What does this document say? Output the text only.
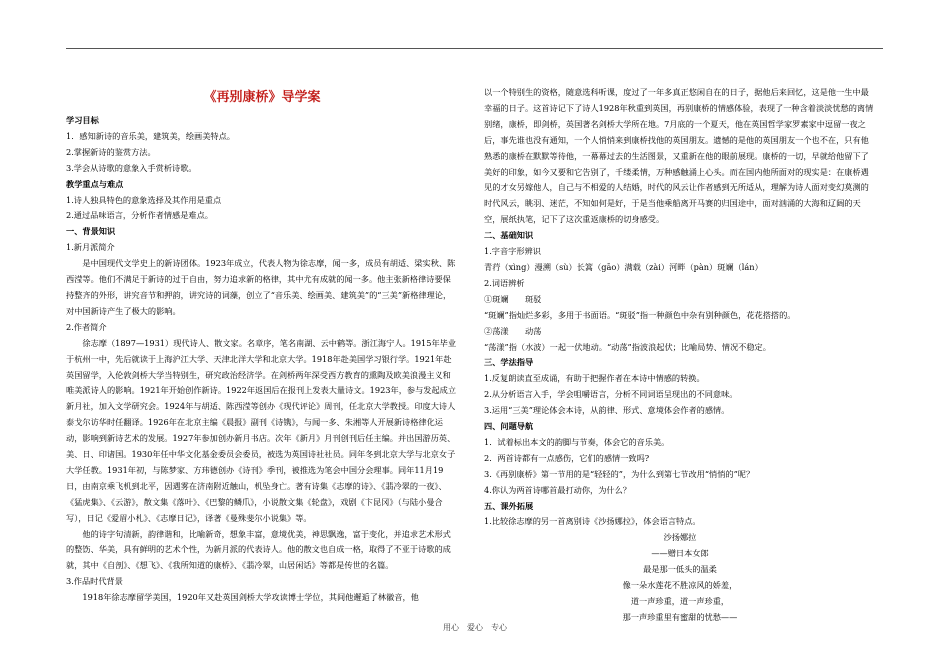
《再别康桥》导学案
学习目标
1．感知新诗的音乐美，建筑美，绘画美特点。
2.掌握新诗的鉴赏方法。
3.学会从诗歌的意象入手赏析诗歌。
教学重点与难点
1.诗人独具特色的意象选择及其作用是重点
2.通过品味语言，分析作者情感是难点。
一、背景知识
1.新月派简介
是中国现代文学史上的新诗团体。1923年成立，代表人物为徐志摩，闻一多，成员有胡适、梁实秋、陈西滢等。他们不满足于新诗的过于自由，努力追求新的格律，其中尤有成就的闻一多。他主张新格律诗要保持整齐的外形，讲究音节和押韵，讲究诗的词藻，创立了“音乐美、绘画美、建筑美”的“三美”新格律理论，对中国新诗产生了极大的影响。
2.作者简介
徐志摩（1897—1931）现代诗人、散文家。名章序，笔名南湖、云中鹤等。浙江海宁人。1915年毕业于杭州一中，先后就读于上海沪江大学、天津北洋大学和北京大学。1918年赴美国学习银行学。1921年赴英国留学，入伦敦剑桥大学当特别生，研究政治经济学。在剑桥两年深受西方教育的熏陶及欧美浪漫主义和唯美派诗人的影响。1921年开始创作新诗。1922年返国后在报刊上发表大量诗文。1923年，参与发起成立新月社，加入文学研究会。1924年与胡适、陈西滢等创办《现代评论》周刊，任北京大学教授。印度大诗人泰戈尔访华时任翻译。1926年在北京主编《晨报》副刊《诗镌》，与闻一多、朱湘等人开展新诗格律化运动，影响到新诗艺术的发展。1927年参加创办新月书店。次年《新月》月刊创刊后任主编。并出国游历英、美、日、印诸国。1930年任中华文化基金委员会委员，被选为英国诗社社员。同年冬到北京大学与北京女子大学任教。1931年初，与陈梦家、方玮德创办《诗刊》季刊，被推选为笔会中国分会理事。同年11月19日，由南京乘飞机到北平，因遇雾在济南附近触山，机坠身亡。著有诗集《志摩的诗》、《翡冷翠的一夜》、《猛虎集》、《云游》，散文集《落叶》、《巴黎的鳞爪》，小说散文集《轮盘》，戏剧《卞昆冈》（与陆小曼合写），日记《爱眉小札》、《志摩日记》，译著《曼殊斐尔小说集》等。
他的诗字句清新，韵律谐和，比喻新奇，想象丰富，意境优美，神思飘逸，富于变化，并追求艺术形式的整饬、华美，具有鲜明的艺术个性，为新月派的代表诗人。他的散文也自成一格，取得了不亚于诗歌的成就，其中《自剖》、《想飞》、《我所知道的康桥》、《翡冷翠，山居闲话》等都是传世的名篇。
3.作品时代背景
1918年徐志摩留学美国，1920年又赴英国剑桥大学攻读博士学位，其间他邂逅了林徽音，他
以一个特别生的资格，随意选科听课，度过了一年多真正悠闲自在的日子，据他后来回忆，这是他一生中最幸福的日子。这首诗记下了诗人1928年秋重到英国，再别康桥的情感体验，表现了一种含着淡淡忧愁的离情别绪，康桥，即剑桥，英国著名剑桥大学所在地。7月底的一个夏天，他在英国哲学家罗素家中逗留一夜之后，事先谁也没有通知，一个人悄悄来到康桥找他的英国朋友。遗憾的是他的英国朋友一个也不在，只有他熟悉的康桥在默默等待他，一幕幕过去的生活图景，又重新在他的眼前展现。康桥的一切，早就给他留下了美好的印象，如今又要和它告别了，千缕柔情，万种感触涌上心头。而在国内他所面对的现实是：在康桥遇见的才女另嫁他人，自己与不相爱的人结婚，时代的风云让作者感到无所适从，理解为诗人面对变幻莫测的时代风云，眺羽、迷茫，不知如何是好，于是当他乘船离开马赛的归国途中，面对汹涌的大海和辽阔的天空，展纸执笔，记下了这次重返康桥的切身感受。
二、基础知识
1.字音字形辨识
青荇（xìng）漫溯（sù）长篙（gāo）满载（zài）河畔（pàn）斑斓（lán）
2.词语辨析
①斑斓　　斑驳
“斑斓”指灿烂多彩，多用于书面语。“斑驳”指一种颜色中杂有别种颜色，花花搭搭的。
②荡漾　　动荡
“荡漾”指（水波）一起一伏地动。“动荡”指波浪起伏；比喻局势、情况不稳定。
三、学法指导
1.反复朗读直至成诵，有助于把握作者在本诗中情感的转换。
2.从分析语言入手，学会咀嚼语言，分析不同词语呈现出的不同意味。
3.运用“三美”理论体会本诗，从韵律、形式、意境体会作者的感情。
四、问题导航
1．试着标出本文的韵脚与节奏，体会它的音乐美。
2．两首诗都有一点感伤，它们的感情一致吗?
3.《再别康桥》第一节用的是“轻轻的”，为什么到第七节改用“悄悄的”呢？
4.你认为两首诗哪首最打动你，为什么？
五、课外拓展
1.比较徐志摩的另一首离别诗《沙扬娜拉》，体会语言特点。
沙扬娜拉
——赠日本女郎
最是那一低头的温柔
像一朵水莲花不胜凉风的娇羞，
道一声珍重，道一声珍重，
那一声珍重里有蜜甜的忧愁——
用心　爱心　专心
